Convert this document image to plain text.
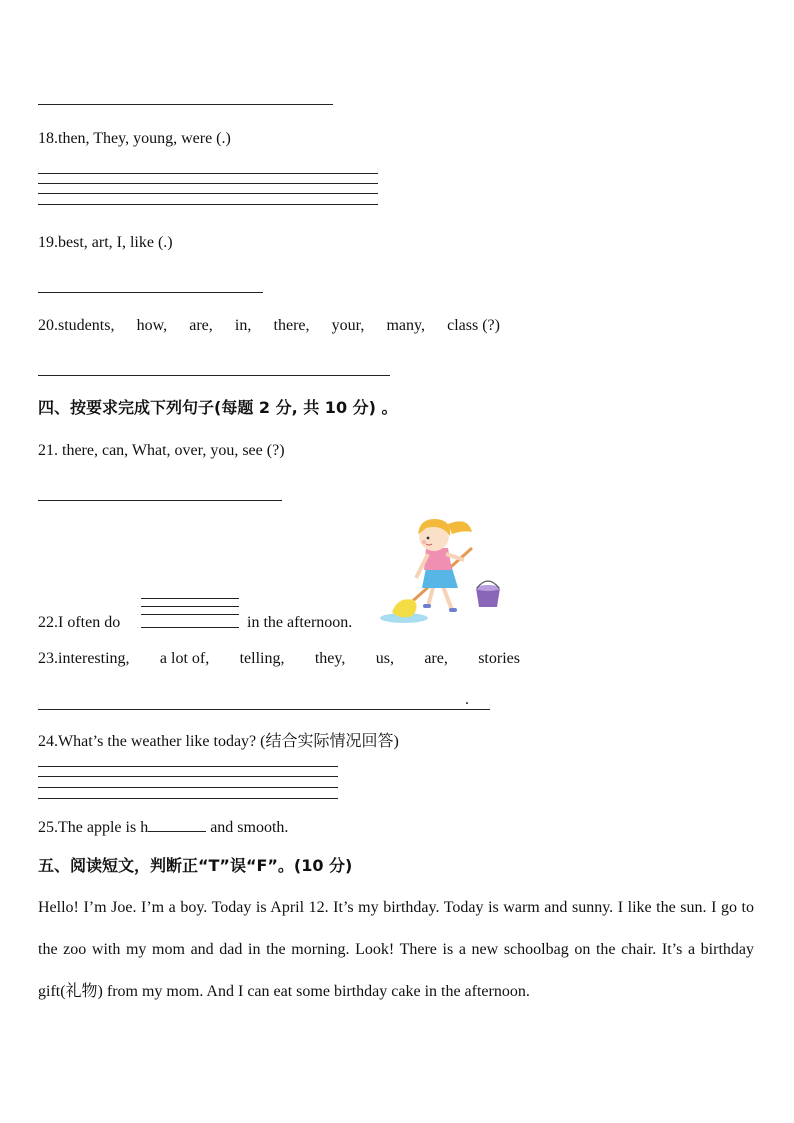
18.then, They, young, were (.)
19.best, art, I, like (.)
20. students, how, are, in, there, your, many, class (?)
四、按要求完成下列句子(每题 2 分, 共 10 分) 。
21. there, can, What, over, you, see (?)
22.I often do	in the afternoon.
23. interesting, a lot of, telling, they, us, are, stories
.
24.What’s the weather like today? (结合实际情况回答)
25.The apple is h	and smooth.
五、阅读短文，判断正“T”误“F”。(10 分)
Hello! I’m Joe. I’m a boy. Today is April 12. It’s my birthday. Today is warm and sunny. I like the sun. I go to the zoo with my mom and dad in the morning. Look! There is a new schoolbag on the chair. It’s a birthday gift(礼物) from my mom. And I can eat some birthday cake in the afternoon.
